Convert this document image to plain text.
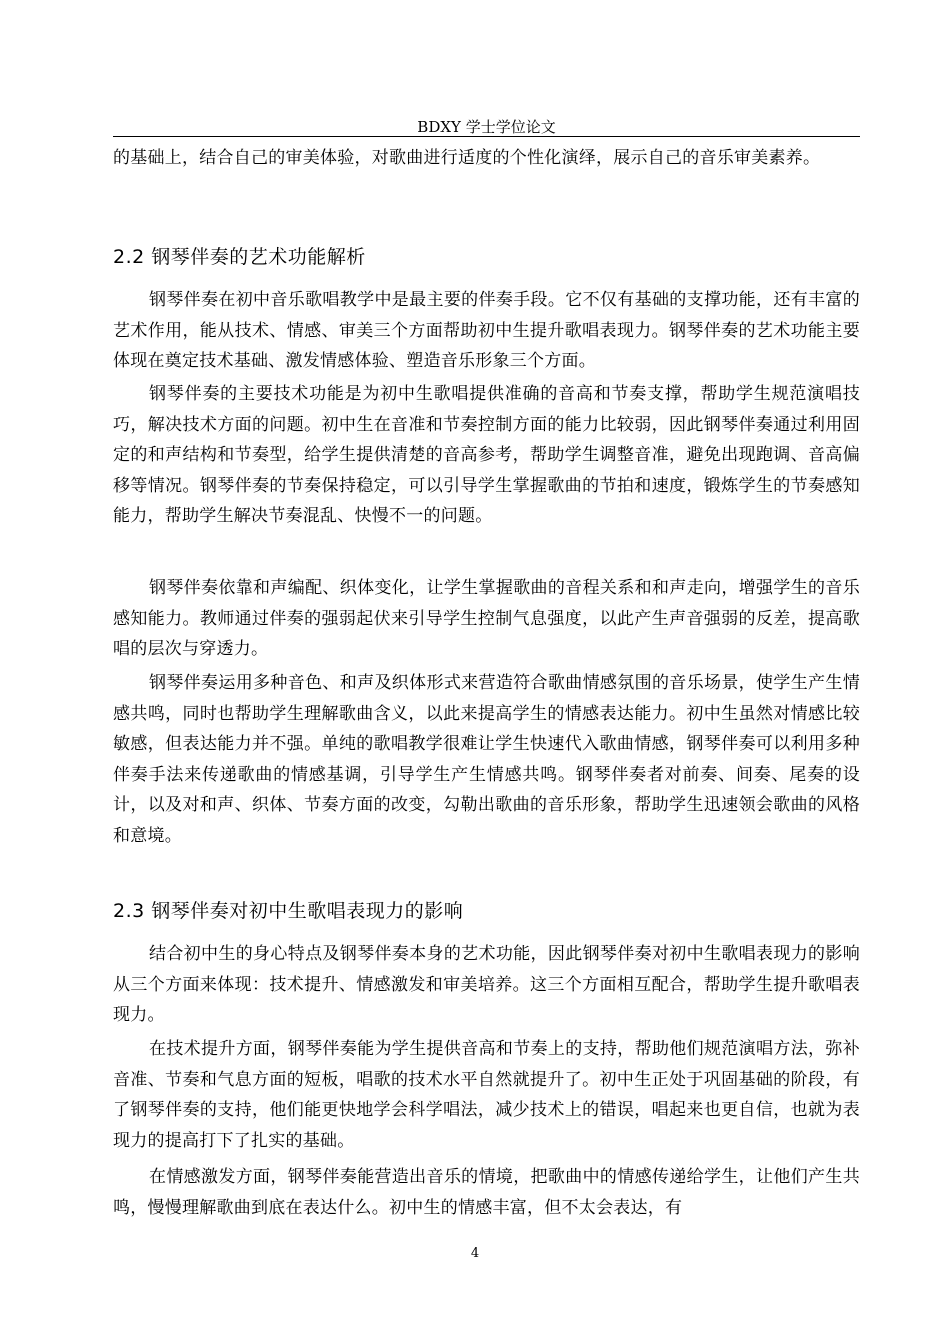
BDXY 学士学位论文

的基础上，结合自己的审美体验，对歌曲进行适度的个性化演绎，展示自己的音乐审美素养。

2.2 钢琴伴奏的艺术功能解析

钢琴伴奏在初中音乐歌唱教学中是最主要的伴奏手段。它不仅有基础的支撑功能，还有丰富的艺术作用，能从技术、情感、审美三个方面帮助初中生提升歌唱表现力。钢琴伴奏的艺术功能主要体现在奠定技术基础、激发情感体验、塑造音乐形象三个方面。

钢琴伴奏的主要技术功能是为初中生歌唱提供准确的音高和节奏支撑，帮助学生规范演唱技巧，解决技术方面的问题。初中生在音准和节奏控制方面的能力比较弱，因此钢琴伴奏通过利用固定的和声结构和节奏型，给学生提供清楚的音高参考，帮助学生调整音准，避免出现跑调、音高偏移等情况。钢琴伴奏的节奏保持稳定，可以引导学生掌握歌曲的节拍和速度，锻炼学生的节奏感知能力，帮助学生解决节奏混乱、快慢不一的问题。

钢琴伴奏依靠和声编配、织体变化，让学生掌握歌曲的音程关系和和声走向，增强学生的音乐感知能力。教师通过伴奏的强弱起伏来引导学生控制气息强度，以此产生声音强弱的反差，提高歌唱的层次与穿透力。

钢琴伴奏运用多种音色、和声及织体形式来营造符合歌曲情感氛围的音乐场景，使学生产生情感共鸣，同时也帮助学生理解歌曲含义，以此来提高学生的情感表达能力。初中生虽然对情感比较敏感，但表达能力并不强。单纯的歌唱教学很难让学生快速代入歌曲情感，钢琴伴奏可以利用多种伴奏手法来传递歌曲的情感基调，引导学生产生情感共鸣。钢琴伴奏者对前奏、间奏、尾奏的设计，以及对和声、织体、节奏方面的改变，勾勒出歌曲的音乐形象，帮助学生迅速领会歌曲的风格和意境。

2.3 钢琴伴奏对初中生歌唱表现力的影响

结合初中生的身心特点及钢琴伴奏本身的艺术功能，因此钢琴伴奏对初中生歌唱表现力的影响从三个方面来体现：技术提升、情感激发和审美培养。这三个方面相互配合，帮助学生提升歌唱表现力。

在技术提升方面，钢琴伴奏能为学生提供音高和节奏上的支持，帮助他们规范演唱方法，弥补音准、节奏和气息方面的短板，唱歌的技术水平自然就提升了。初中生正处于巩固基础的阶段，有了钢琴伴奏的支持，他们能更快地学会科学唱法，减少技术上的错误，唱起来也更自信，也就为表现力的提高打下了扎实的基础。

在情感激发方面，钢琴伴奏能营造出音乐的情境，把歌曲中的情感传递给学生，让他们产生共鸣，慢慢理解歌曲到底在表达什么。初中生的情感丰富，但不太会表达，有

4
